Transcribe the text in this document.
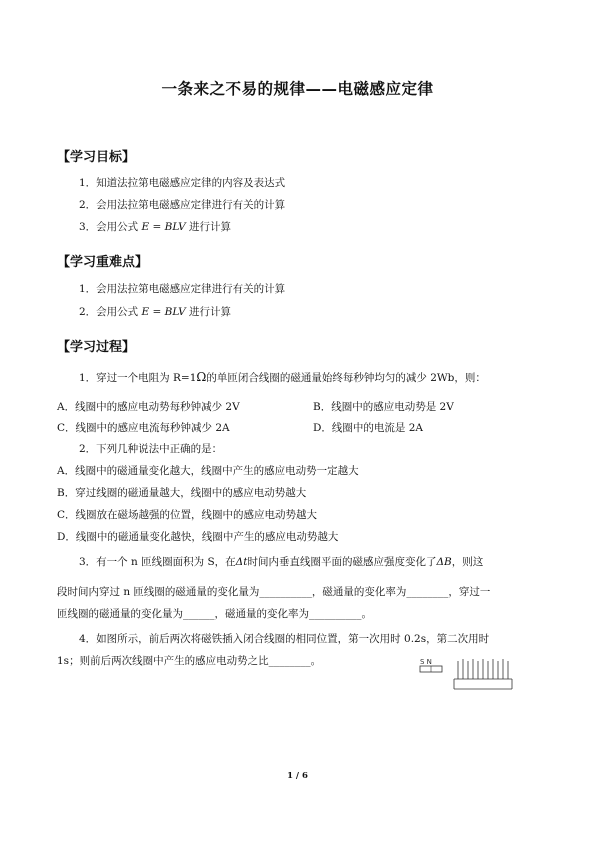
一条来之不易的规律——电磁感应定律
【学习目标】
1．知道法拉第电磁感应定律的内容及表达式
2．会用法拉第电磁感应定律进行有关的计算
3．会用公式 E = BLV 进行计算
【学习重难点】
1．会用法拉第电磁感应定律进行有关的计算
2．会用公式 E = BLV 进行计算
【学习过程】
1．穿过一个电阻为 R=1Ω的单匝闭合线圈的磁通量始终每秒钟均匀的减少 2Wb，则：
A．线圈中的感应电动势每秒钟减少 2V	B．线圈中的感应电动势是 2V
C．线圈中的感应电流每秒钟减少 2A	D．线圈中的电流是 2A
2．下列几种说法中正确的是：
A．线圈中的磁通量变化越大，线圈中产生的感应电动势一定越大
B．穿过线圈的磁通量越大，线圈中的感应电动势越大
C．线圈放在磁场越强的位置，线圈中的感应电动势越大
D．线圈中的磁通量变化越快，线圈中产生的感应电动势越大
3．有一个 n 匝线圈面积为 S，在Δt时间内垂直线圈平面的磁感应强度变化了ΔB，则这
段时间内穿过 n 匝线圈的磁通量的变化量为__________，磁通量的变化率为________，穿过一
匝线圈的磁通量的变化量为______，磁通量的变化率为__________。
4．如图所示，前后两次将磁铁插入闭合线圈的相同位置，第一次用时 0.2s，第二次用时
1s；则前后两次线圈中产生的感应电动势之比________。	S N
1 / 6
